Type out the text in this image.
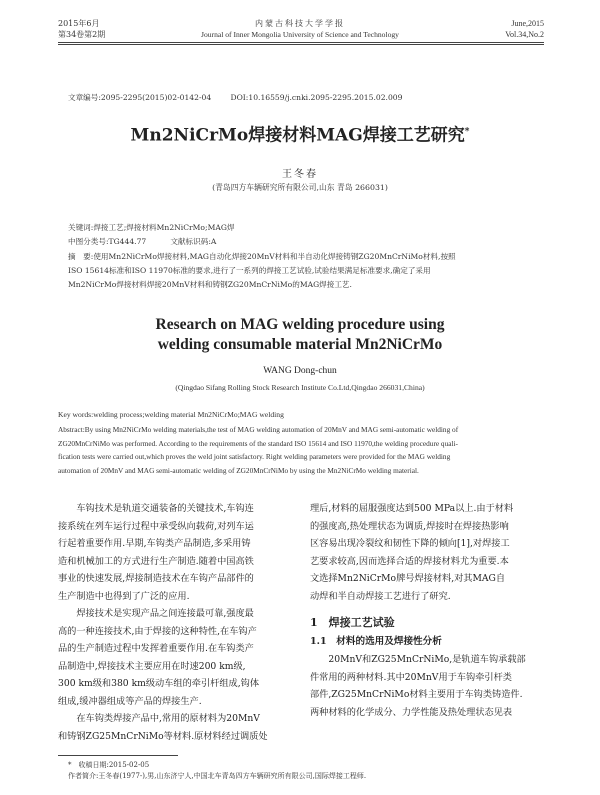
2015年6月
第34卷第2期
内蒙古科技大学学报
Journal of Inner Mongolia University of Science and Technology
June,2015
Vol.34,No.2
文章编号:2095-2295(2015)02-0142-04        DOI:10.16559/j.cnki.2095-2295.2015.02.009
Mn2NiCrMo焊接材料MAG焊接工艺研究*
王冬春
(青岛四方车辆研究所有限公司,山东 青岛 266031)
关键词:焊接工艺;焊接材料Mn2NiCrMo;MAG焊
中图分类号:TG444.77          文献标识码:A
摘　要:使用Mn2NiCrMo焊接材料,MAG自动化焊接20MnV材料和半自动化焊接铸钢ZG20MnCrNiMo材料,按照
ISO 15614标准和ISO 11970标准的要求,进行了一系列的焊接工艺试验,试验结果满足标准要求,确定了采用
Mn2NiCrMo焊接材料焊接20MnV材料和铸钢ZG20MnCrNiMo的MAG焊接工艺.
Research on MAG welding procedure using
welding consumable material Mn2NiCrMo
WANG Dong-chun
(Qingdao Sifang Rolling Stock Research Institute Co.Ltd,Qingdao 266031,China)
Key words:welding process;welding material Mn2NiCrMo;MAG welding
Abstract:By using Mn2NiCrMo welding materials,the test of MAG welding automation of 20MnV and MAG semi-automatic welding of
ZG20MnCrNiMo was performed. According to the requirements of the standard ISO 15614 and ISO 11970,the welding procedure quali-
fication tests were carried out,which proves the weld joint satisfactory. Right welding parameters were provided for the MAG welding
automation of 20MnV and MAG semi-automatic welding of ZG20MnCrNiMo by using the Mn2NiCrMo welding material.
　　车钩技术是轨道交通装备的关键技术,车钩连
接系统在列车运行过程中承受纵向载荷,对列车运
行起着重要作用.早期,车钩类产品制造,多采用铸
造和机械加工的方式进行生产制造.随着中国高铁
事业的快速发展,焊接制造技术在车钩产品部件的
生产制造中也得到了广泛的应用.
　　焊接技术是实现产品之间连接最可靠,强度最
高的一种连接技术,由于焊接的这种特性,在车钩产
品的生产制造过程中发挥着重要作用.在车钩类产
品制造中,焊接技术主要应用在时速200 km级,
300 km级和380 km级动车组的牵引杆组成,钩体
组成,缓冲器组成等产品的焊接生产.
　　在车钩类焊接产品中,常用的原材料为20MnV
和铸钢ZG25MnCrNiMo等材料.原材料经过调质处
理后,材料的屈服强度达到500 MPa以上.由于材料
的强度高,热处理状态为调质,焊接时在焊接热影响
区容易出现冷裂纹和韧性下降的倾向[1],对焊接工
艺要求较高,因而选择合适的焊接材料尤为重要.本
文选择Mn2NiCrMo牌号焊接材料,对其MAG自
动焊和半自动焊接工艺进行了研究.
1　焊接工艺试验
1.1　材料的选用及焊接性分析
　　20MnV和ZG25MnCrNiMo,是轨道车钩承载部
件常用的两种材料.其中20MnV用于车钩牵引杆类
部件,ZG25MnCrNiMo材料主要用于车钩类铸造件.
两种材料的化学成分、力学性能及热处理状态见表
*　收稿日期:2015-02-05
作者简介:王冬春(1977-),男,山东济宁人,中国北车青岛四方车辆研究所有限公司,国际焊接工程师.
